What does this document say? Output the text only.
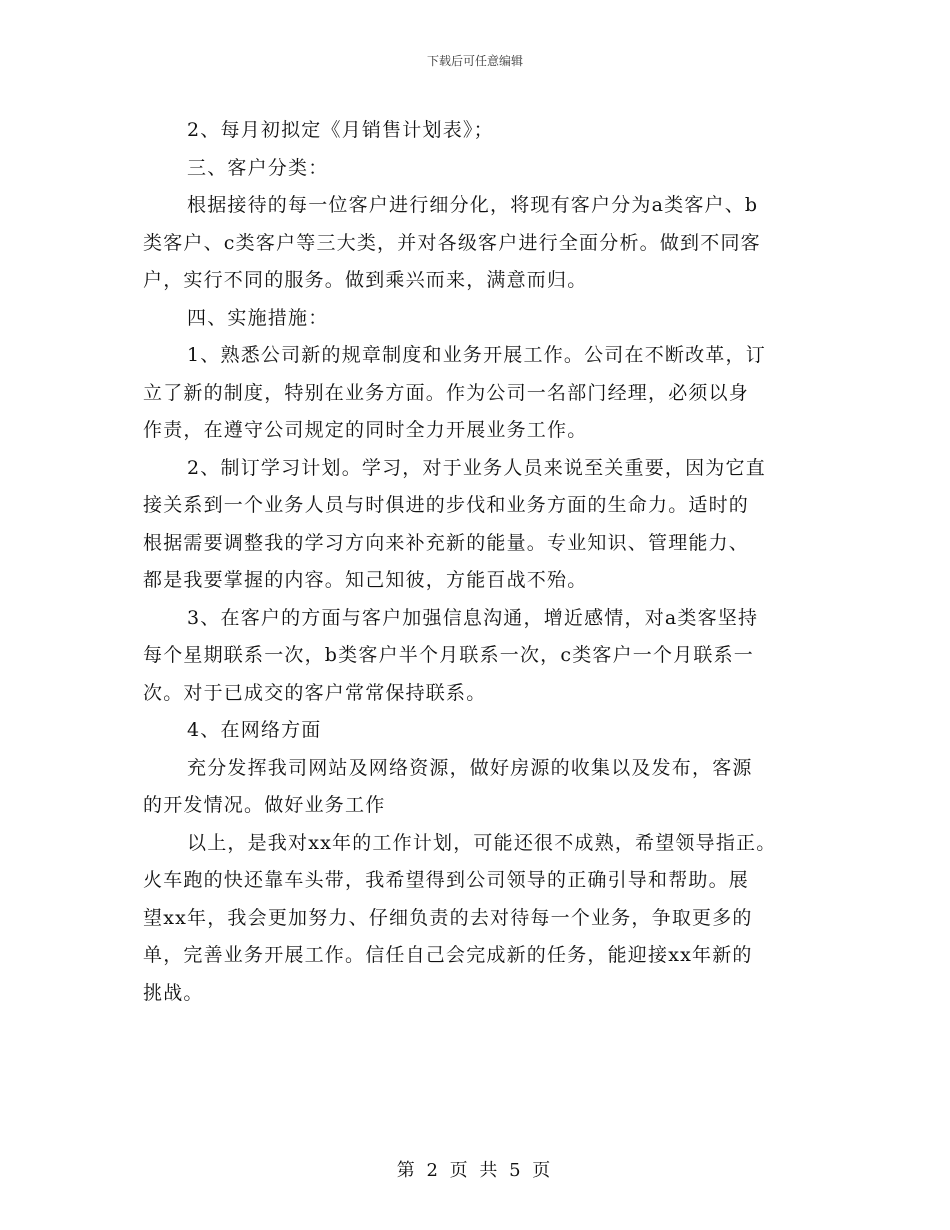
下载后可任意编辑
2、每月初拟定《月销售计划表》；
三、客户分类：
根据接待的每一位客户进行细分化，将现有客户分为a类客户、b
类客户、c类客户等三大类，并对各级客户进行全面分析。做到不同客
户，实行不同的服务。做到乘兴而来，满意而归。
四、实施措施：
1、熟悉公司新的规章制度和业务开展工作。公司在不断改革，订
立了新的制度，特别在业务方面。作为公司一名部门经理，必须以身
作责，在遵守公司规定的同时全力开展业务工作。
2、制订学习计划。学习，对于业务人员来说至关重要，因为它直
接关系到一个业务人员与时俱进的步伐和业务方面的生命力。适时的
根据需要调整我的学习方向来补充新的能量。专业知识、管理能力、
都是我要掌握的内容。知己知彼，方能百战不殆。
3、在客户的方面与客户加强信息沟通，增近感情，对a类客坚持
每个星期联系一次，b类客户半个月联系一次，c类客户一个月联系一
次。对于已成交的客户常常保持联系。
4、在网络方面
充分发挥我司网站及网络资源，做好房源的收集以及发布，客源
的开发情况。做好业务工作
以上，是我对xx年的工作计划，可能还很不成熟，希望领导指正。
火车跑的快还靠车头带，我希望得到公司领导的正确引导和帮助。展
望xx年，我会更加努力、仔细负责的去对待每一个业务，争取更多的
单，完善业务开展工作。信任自己会完成新的任务，能迎接xx年新的
挑战。
第 2 页 共 5 页
